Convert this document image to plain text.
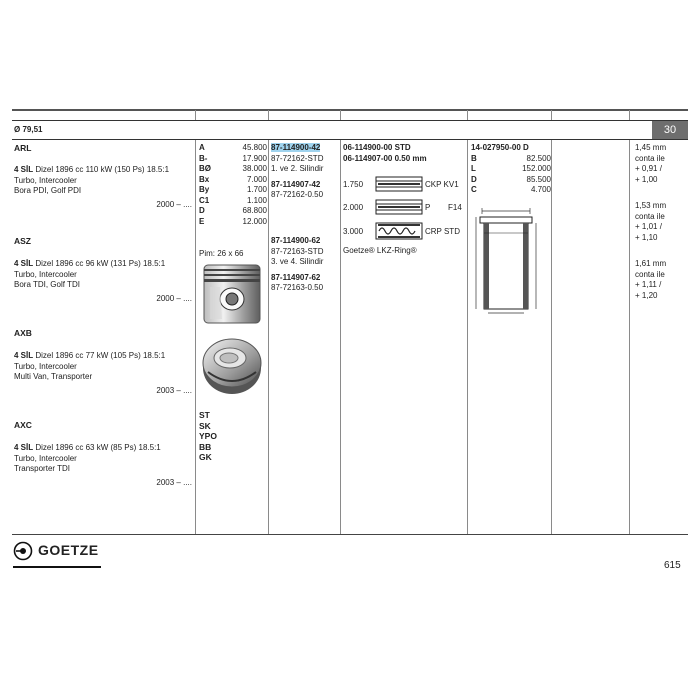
Ø 79,51	30
ARL
4 SİL Dizel 1896 cc 110 kW (150 Ps) 18.5:1
Turbo, Intercooler
Bora PDI, Golf PDI
2000 – ....
ASZ
4 SİL Dizel 1896 cc 96 kW (131 Ps) 18.5:1
Turbo, Intercooler
Bora TDI, Golf TDI
2000 – ....
AXB
4 SİL Dizel 1896 cc 77 kW (105 Ps) 18.5:1
Turbo, Intercooler
Multi Van, Transporter
2003 – ....
AXC
4 SİL Dizel 1896 cc 63 kW (85 Ps) 18.5:1
Turbo, Intercooler
Transporter TDI
2003 – ....
A	45.800
B-	17.900
BØ	38.000
Bx	7.000
By	1.700
C1	1.100
D	68.800
E	12.000
Pim: 26 x 66
ST
SK
YPO
BB
GK
87-114900-42
87-72162-STD
1. ve 2. Silindir
87-114907-42
87-72162-0.50
87-114900-62
87-72163-STD
3. ve 4. Silindir
87-114907-62
87-72163-0.50
06-114900-00 STD
06-114907-00 0.50 mm
1.750	CKP KV1
2.000	P F14
3.000	CRP STD
Goetze® LKZ-Ring®
14-027950-00 D
B	82.500
L	152.000
D	85.500
C	4.700
1,45 mm
conta ile
+ 0,91 /
+ 1,00
1,53 mm
conta ile
+ 1,01 /
+ 1,10
1,61 mm
conta ile
+ 1,11 /
+ 1,20
GOETZE
615
